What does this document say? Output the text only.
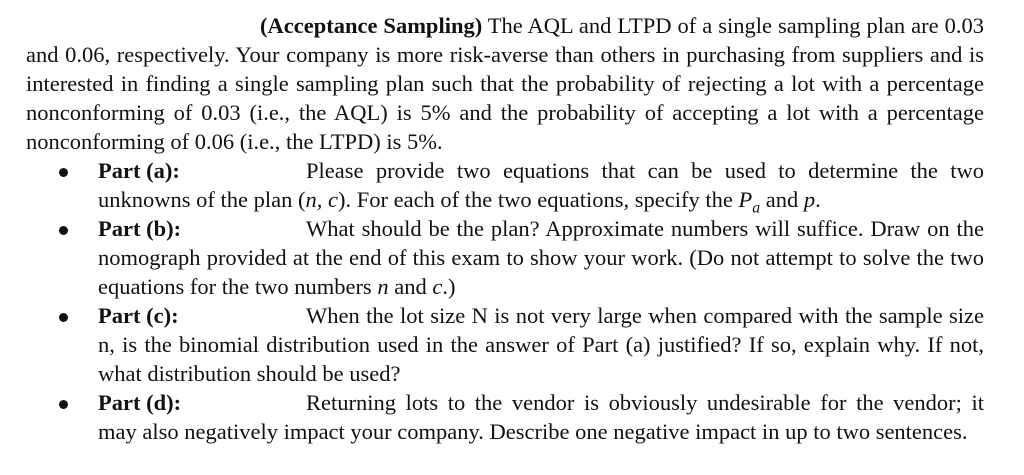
(Acceptance Sampling) The AQL and LTPD of a single sampling plan are 0.03 and 0.06, respectively. Your company is more risk-averse than others in purchasing from suppliers and is interested in finding a single sampling plan such that the probability of rejecting a lot with a percentage nonconforming of 0.03 (i.e., the AQL) is 5% and the probability of accepting a lot with a percentage nonconforming of 0.06 (i.e., the LTPD) is 5%.

Part (a):	Please provide two equations that can be used to determine the two unknowns of the plan (n, c). For each of the two equations, specify the $P_a$ and p.
Part (b):	What should be the plan? Approximate numbers will suffice. Draw on the nomograph provided at the end of this exam to show your work. (Do not attempt to solve the two equations for the two numbers n and c.)
Part (c):	When the lot size N is not very large when compared with the sample size n, is the binomial distribution used in the answer of Part (a) justified? If so, explain why. If not, what distribution should be used?
Part (d):	Returning lots to the vendor is obviously undesirable for the vendor; it may also negatively impact your company. Describe one negative impact in up to two sentences.
